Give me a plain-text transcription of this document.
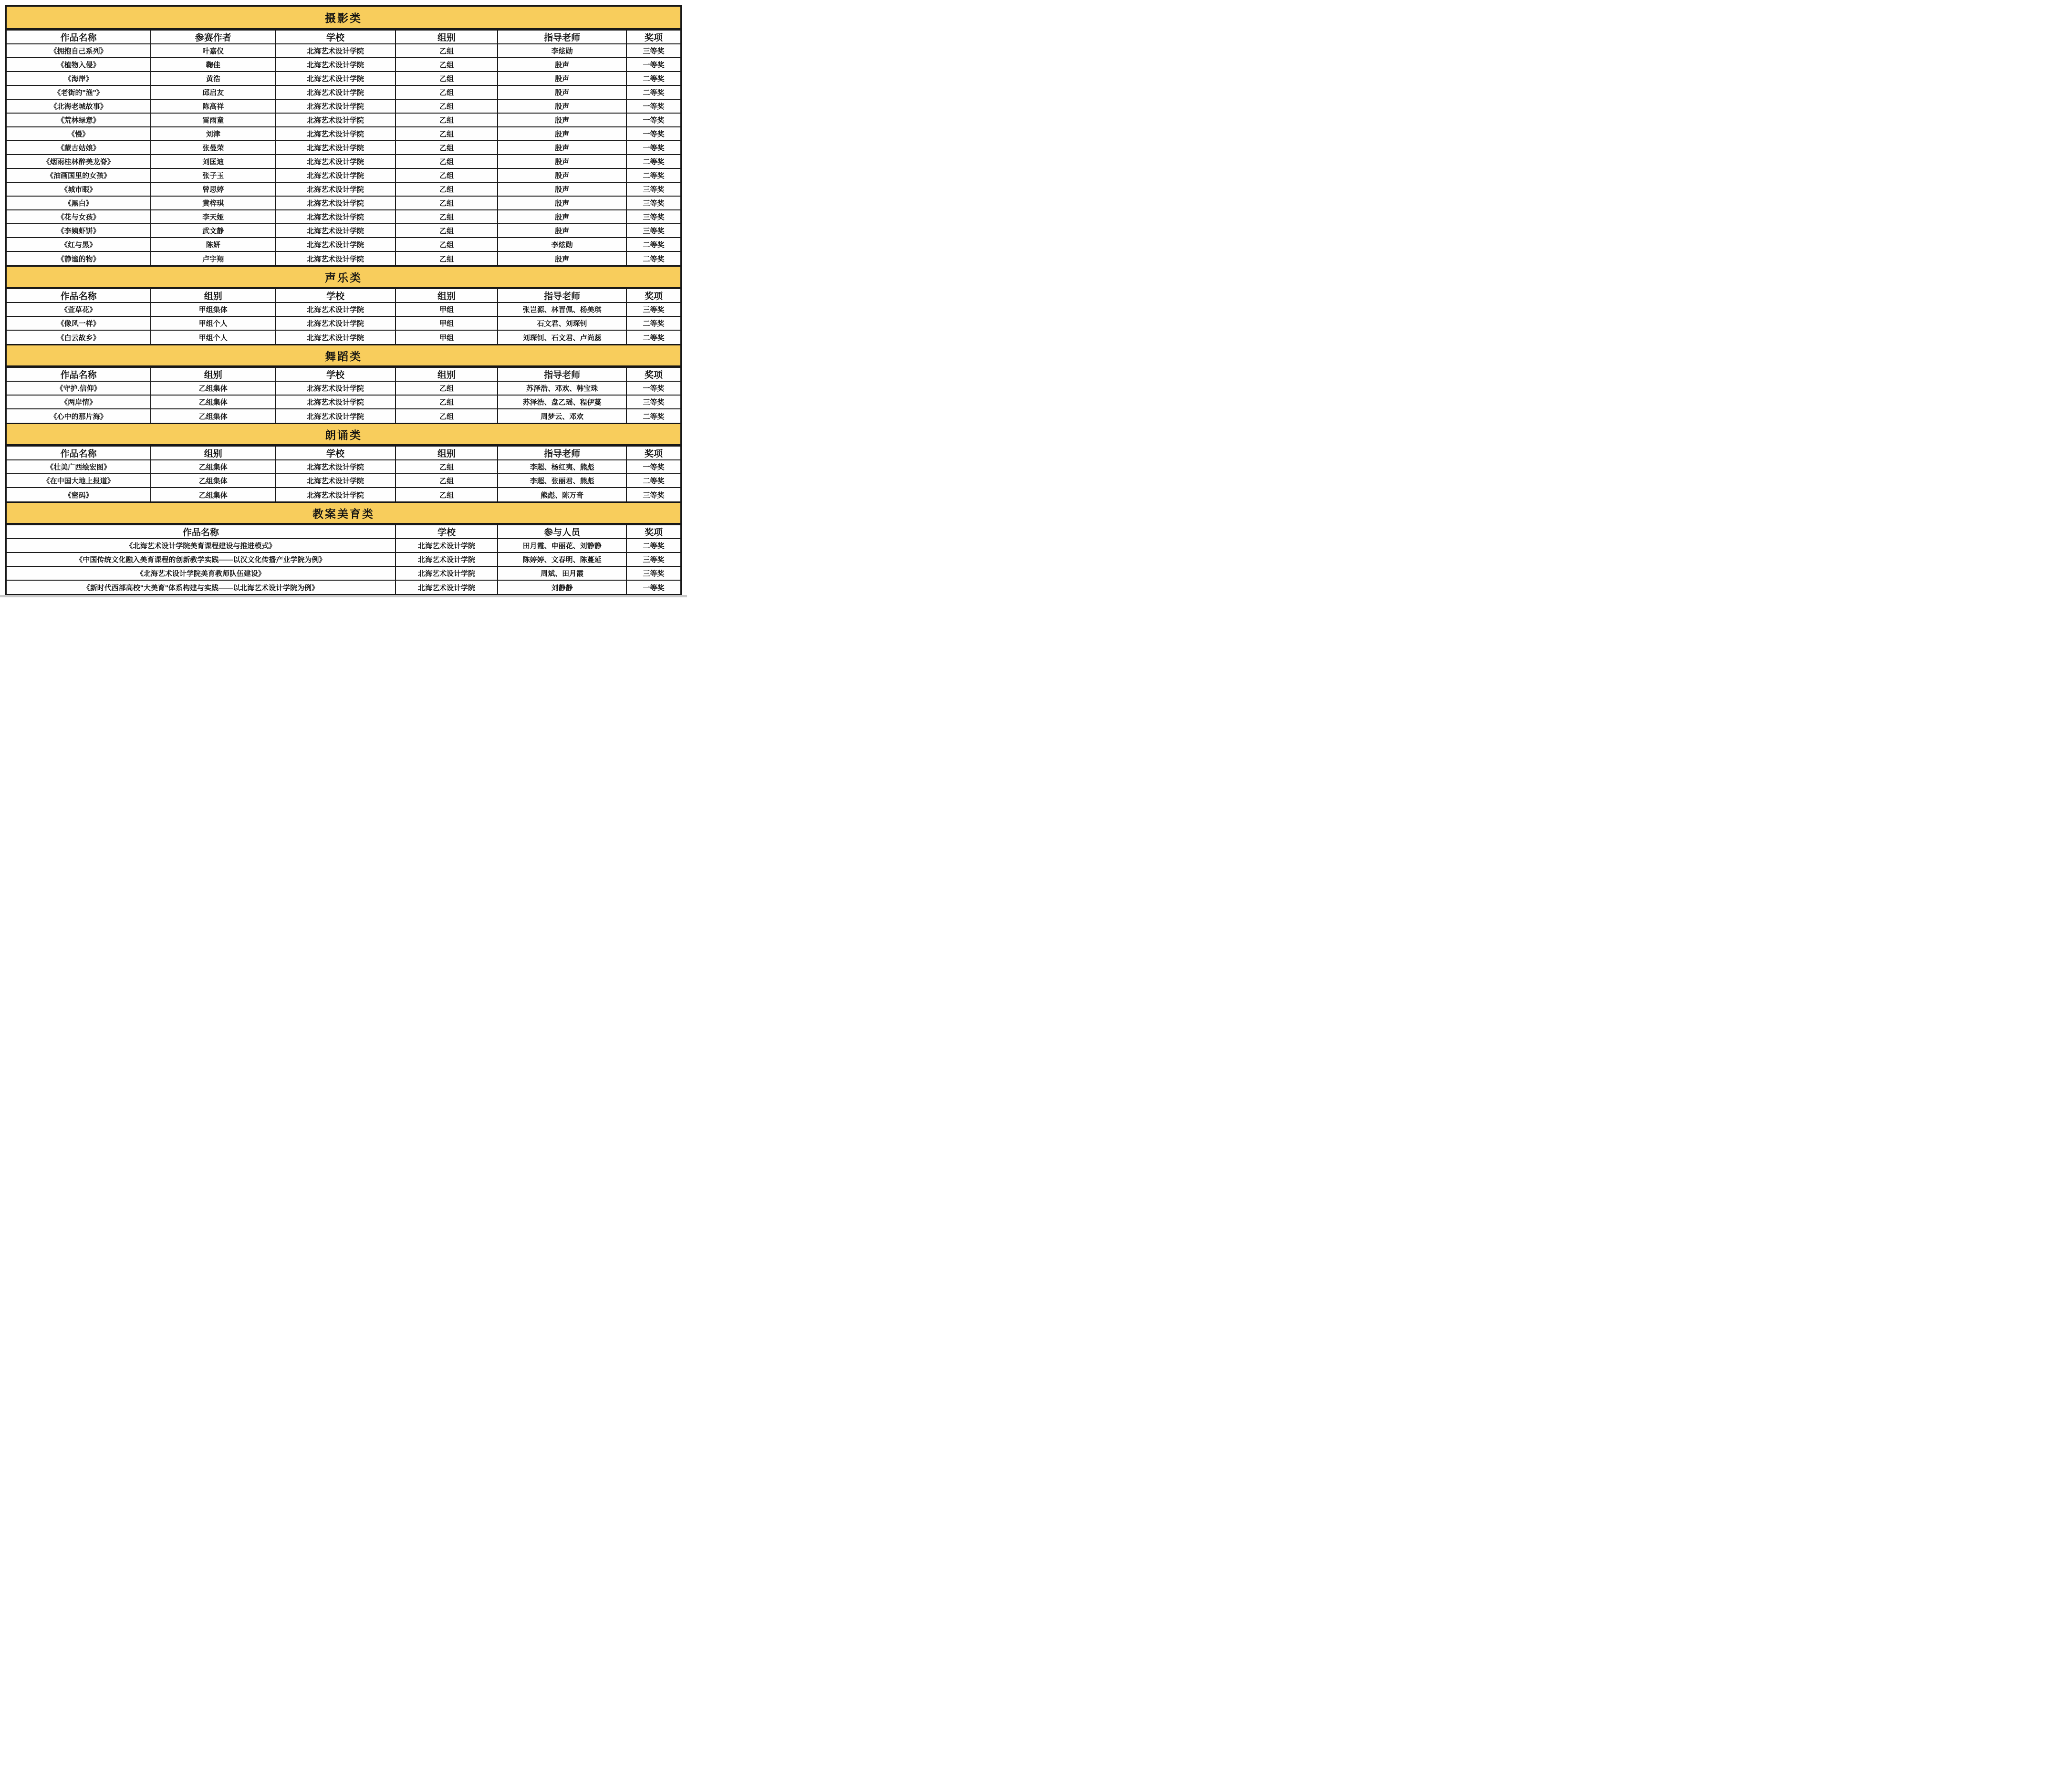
摄影类
作品名称	参赛作者	学校	组别	指导老师	奖项
《拥抱自己系列》	叶嘉仪	北海艺术设计学院	乙组	李炫勋	三等奖
《植物入侵》	鞠佳	北海艺术设计学院	乙组	殷声	一等奖
《海岸》	黄浩	北海艺术设计学院	乙组	殷声	二等奖
《老街的"渔"》	邱启友	北海艺术设计学院	乙组	殷声	二等奖
《北海老城故事》	陈高祥	北海艺术设计学院	乙组	殷声	一等奖
《荒林绿意》	雷雨童	北海艺术设计学院	乙组	殷声	一等奖
《慢》	刘津	北海艺术设计学院	乙组	殷声	一等奖
《蒙古姑娘》	张曼荣	北海艺术设计学院	乙组	殷声	一等奖
《烟雨桂林醉美龙脊》	刘匡迪	北海艺术设计学院	乙组	殷声	二等奖
《油画国里的女孩》	张子玉	北海艺术设计学院	乙组	殷声	二等奖
《城市眼》	曾思婷	北海艺术设计学院	乙组	殷声	三等奖
《黑白》	黄梓琪	北海艺术设计学院	乙组	殷声	三等奖
《花与女孩》	李天娅	北海艺术设计学院	乙组	殷声	三等奖
《李姨虾饼》	武文静	北海艺术设计学院	乙组	殷声	三等奖
《红与黑》	陈妍	北海艺术设计学院	乙组	李炫勋	二等奖
《静谧的物》	卢宇翔	北海艺术设计学院	乙组	殷声	二等奖
声乐类
作品名称	组别	学校	组别	指导老师	奖项
《萱草花》	甲组集体	北海艺术设计学院	甲组	张岂源、林晋佩、杨美琪	三等奖
《像风一样》	甲组个人	北海艺术设计学院	甲组	石文君、刘琛钊	二等奖
《白云故乡》	甲组个人	北海艺术设计学院	甲组	刘琛钊、石文君、卢尚蕊	二等奖
舞蹈类
作品名称	组别	学校	组别	指导老师	奖项
《守护.信仰》	乙组集体	北海艺术设计学院	乙组	苏泽浩、邓欢、韩宝珠	一等奖
《两岸情》	乙组集体	北海艺术设计学院	乙组	苏泽浩、盘乙瑶、程伊蔓	三等奖
《心中的那片海》	乙组集体	北海艺术设计学院	乙组	周梦云、邓欢	二等奖
朗诵类
作品名称	组别	学校	组别	指导老师	奖项
《壮美广西绘宏图》	乙组集体	北海艺术设计学院	乙组	李超、杨红夷、熊彪	一等奖
《在中国大地上报道》	乙组集体	北海艺术设计学院	乙组	李超、张丽君、熊彪	二等奖
《密码》	乙组集体	北海艺术设计学院	乙组	熊彪、陈万奇	三等奖
教案美育类
作品名称	学校	参与人员	奖项
《北海艺术设计学院美育课程建设与推进模式》	北海艺术设计学院	田月霞、申丽花、刘静静	二等奖
《中国传统文化融入美育课程的创新教学实践——以汉文化传播产业学院为例》	北海艺术设计学院	陈婷婷、文春明、陈蔓延	三等奖
《北海艺术设计学院美育教师队伍建设》	北海艺术设计学院	周斌、田月霞	三等奖
《新时代西部高校"大美育"体系构建与实践——以北海艺术设计学院为例》	北海艺术设计学院	刘静静	一等奖
